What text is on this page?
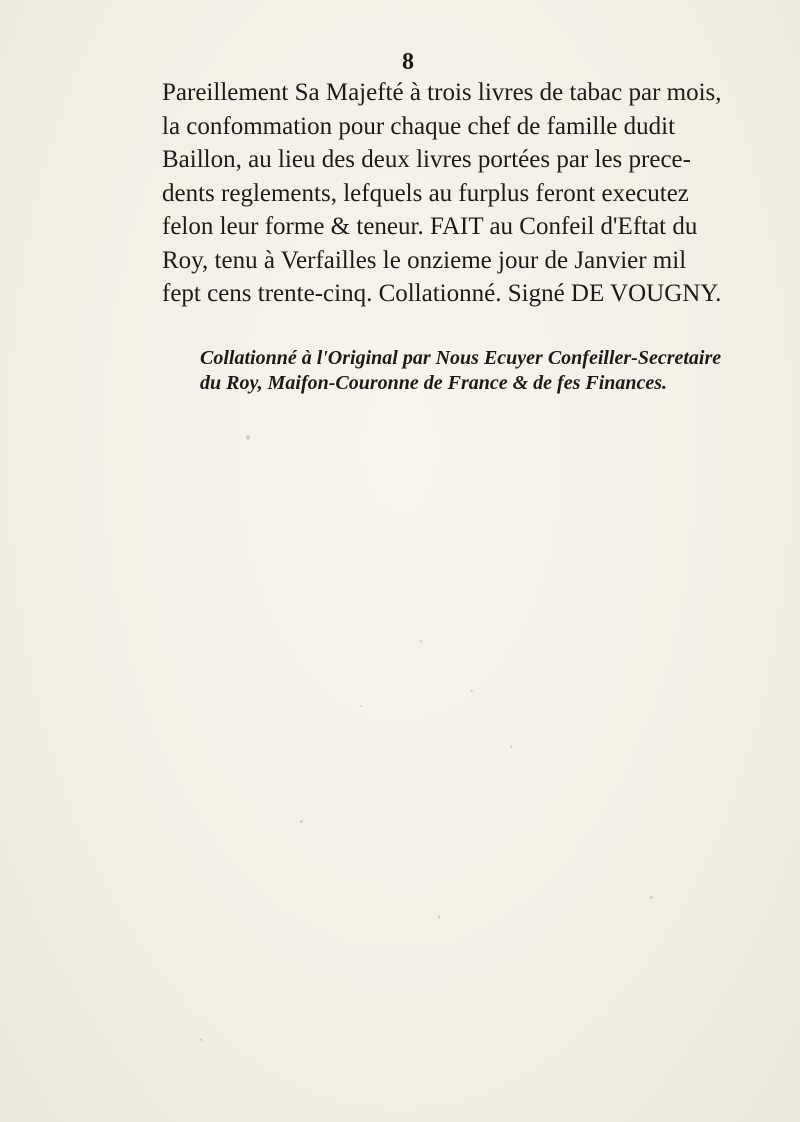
8
Pareillement Sa Majefté à trois livres de tabac par mois,
la confommation pour chaque chef de famille dudit
Baillon, au lieu des deux livres portées par les prece-
dents reglements, lefquels au furplus feront executez
felon leur forme & teneur. FAIT au Confeil d'Eftat du
Roy, tenu à Verfailles le onzieme jour de Janvier mil
fept cens trente-cinq. Collationné. Signé DE VOUGNY.
Collationné à l'Original par Nous Ecuyer Confeiller-Secretaire
du Roy, Maifon-Couronne de France & de fes Finances.
